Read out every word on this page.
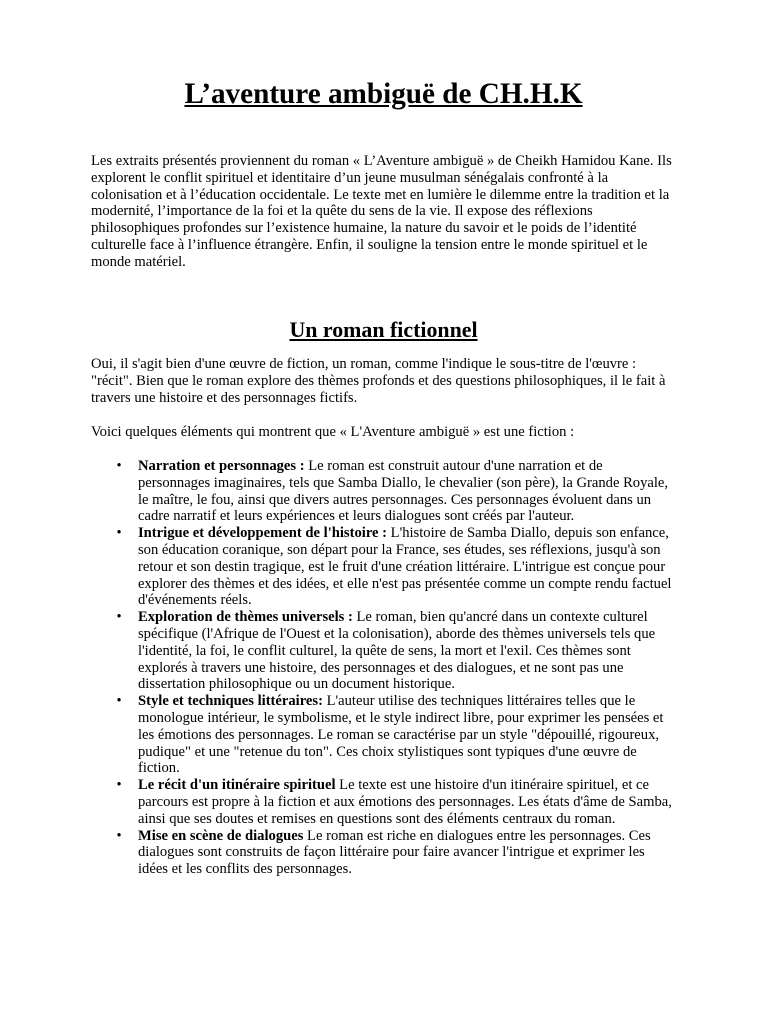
L’aventure ambiguë de CH.H.K

Les extraits présentés proviennent du roman « L’Aventure ambiguë » de Cheikh Hamidou Kane. Ils explorent le conflit spirituel et identitaire d’un jeune musulman sénégalais confronté à la colonisation et à l’éducation occidentale. Le texte met en lumière le dilemme entre la tradition et la modernité, l’importance de la foi et la quête du sens de la vie. Il expose des réflexions philosophiques profondes sur l’existence humaine, la nature du savoir et le poids de l’identité culturelle face à l’influence étrangère. Enfin, il souligne la tension entre le monde spirituel et le monde matériel.

Un roman fictionnel

Oui, il s'agit bien d'une œuvre de fiction, un roman, comme l'indique le sous-titre de l'œuvre : "récit". Bien que le roman explore des thèmes profonds et des questions philosophiques, il le fait à travers une histoire et des personnages fictifs.

Voici quelques éléments qui montrent que « L'Aventure ambiguë » est une fiction :

• Narration et personnages : Le roman est construit autour d'une narration et de personnages imaginaires, tels que Samba Diallo, le chevalier (son père), la Grande Royale, le maître, le fou, ainsi que divers autres personnages. Ces personnages évoluent dans un cadre narratif et leurs expériences et leurs dialogues sont créés par l'auteur.
• Intrigue et développement de l'histoire : L'histoire de Samba Diallo, depuis son enfance, son éducation coranique, son départ pour la France, ses études, ses réflexions, jusqu'à son retour et son destin tragique, est le fruit d'une création littéraire. L'intrigue est conçue pour explorer des thèmes et des idées, et elle n'est pas présentée comme un compte rendu factuel d'événements réels.
• Exploration de thèmes universels : Le roman, bien qu'ancré dans un contexte culturel spécifique (l'Afrique de l'Ouest et la colonisation), aborde des thèmes universels tels que l'identité, la foi, le conflit culturel, la quête de sens, la mort et l'exil. Ces thèmes sont explorés à travers une histoire, des personnages et des dialogues, et ne sont pas une dissertation philosophique ou un document historique.
• Style et techniques littéraires: L'auteur utilise des techniques littéraires telles que le monologue intérieur, le symbolisme, et le style indirect libre, pour exprimer les pensées et les émotions des personnages. Le roman se caractérise par un style "dépouillé, rigoureux, pudique" et une "retenue du ton". Ces choix stylistiques sont typiques d'une œuvre de fiction.
• Le récit d'un itinéraire spirituel Le texte est une histoire d'un itinéraire spirituel, et ce parcours est propre à la fiction et aux émotions des personnages. Les états d'âme de Samba, ainsi que ses doutes et remises en questions sont des éléments centraux du roman.
• Mise en scène de dialogues Le roman est riche en dialogues entre les personnages. Ces dialogues sont construits de façon littéraire pour faire avancer l'intrigue et exprimer les idées et les conflits des personnages.
